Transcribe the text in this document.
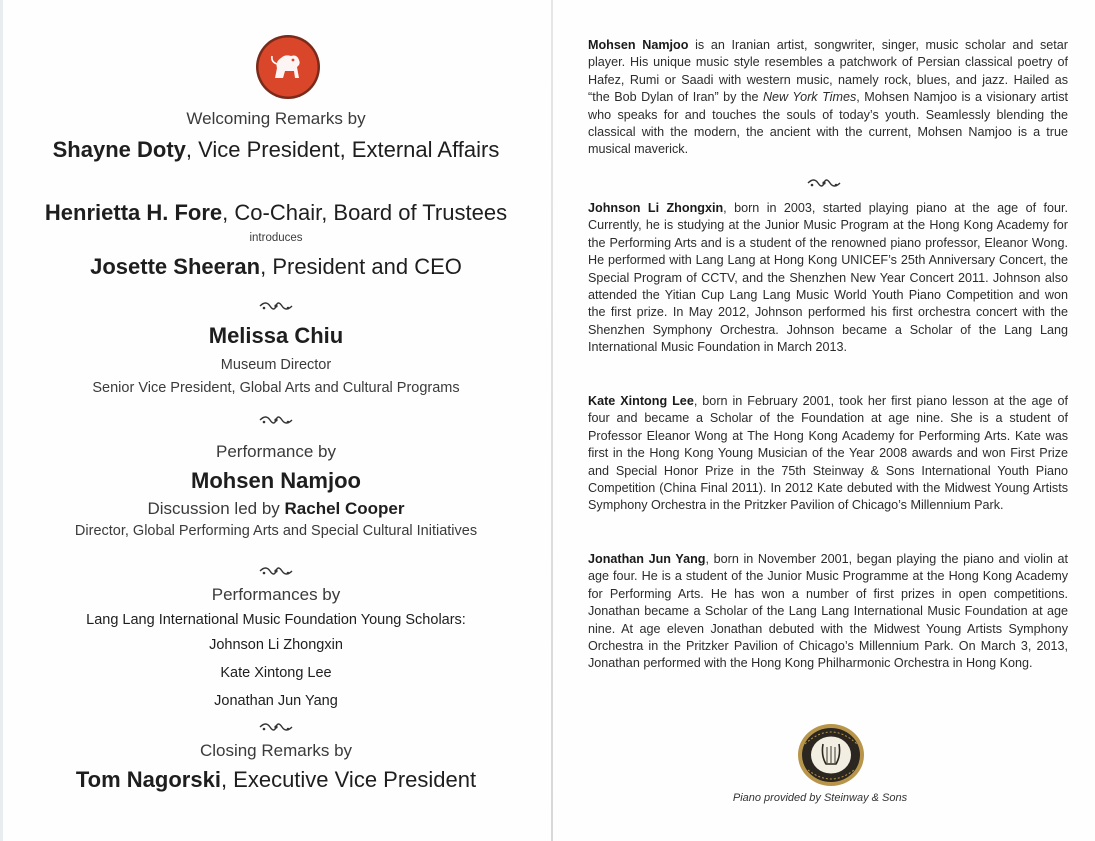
Welcoming Remarks by
Shayne Doty, Vice President, External Affairs
Henrietta H. Fore, Co-Chair, Board of Trustees
introduces
Josette Sheeran, President and CEO
Melissa Chiu
Museum Director
Senior Vice President, Global Arts and Cultural Programs
Performance by
Mohsen Namjoo
Discussion led by Rachel Cooper
Director, Global Performing Arts and Special Cultural Initiatives
Performances by
Lang Lang International Music Foundation Young Scholars:
Johnson Li Zhongxin
Kate Xintong Lee
Jonathan Jun Yang
Closing Remarks by
Tom Nagorski, Executive Vice President
Mohsen Namjoo is an Iranian artist, songwriter, singer, music scholar and setar player. His unique music style resembles a patchwork of Persian classical poetry of Hafez, Rumi or Saadi with western music, namely rock, blues, and jazz. Hailed as “the Bob Dylan of Iran” by the New York Times, Mohsen Namjoo is a visionary artist who speaks for and touches the souls of today’s youth. Seamlessly blending the classical with the modern, the ancient with the current, Mohsen Namjoo is a true musical maverick.
Johnson Li Zhongxin, born in 2003, started playing piano at the age of four. Currently, he is studying at the Junior Music Program at the Hong Kong Academy for the Performing Arts and is a student of the renowned piano professor, Eleanor Wong. He performed with Lang Lang at Hong Kong UNICEF’s 25th Anniversary Concert, the Special Program of CCTV, and the Shenzhen New Year Concert 2011. Johnson also attended the Yitian Cup Lang Lang Music World Youth Piano Competition and won the first prize. In May 2012, Johnson performed his first orchestra concert with the Shenzhen Symphony Orchestra. Johnson became a Scholar of the Lang Lang International Music Foundation in March 2013.
Kate Xintong Lee, born in February 2001, took her first piano lesson at the age of four and became a Scholar of the Foundation at age nine. She is a student of Professor Eleanor Wong at The Hong Kong Academy for Performing Arts. Kate was first in the Hong Kong Young Musician of the Year 2008 awards and won First Prize and Special Honor Prize in the 75th Steinway & Sons International Youth Piano Competition (China Final 2011). In 2012 Kate debuted with the Midwest Young Artists Symphony Orchestra in the Pritzker Pavilion of Chicago’s Millennium Park.
Jonathan Jun Yang, born in November 2001, began playing the piano and violin at age four. He is a student of the Junior Music Programme at the Hong Kong Academy for Performing Arts. He has won a number of first prizes in open competitions. Jonathan became a Scholar of the Lang Lang International Music Foundation at age nine. At age eleven Jonathan debuted with the Midwest Young Artists Symphony Orchestra in the Pritzker Pavilion of Chicago’s Millennium Park. On March 3, 2013, Jonathan performed with the Hong Kong Philharmonic Orchestra in Hong Kong.
Piano provided by Steinway & Sons
